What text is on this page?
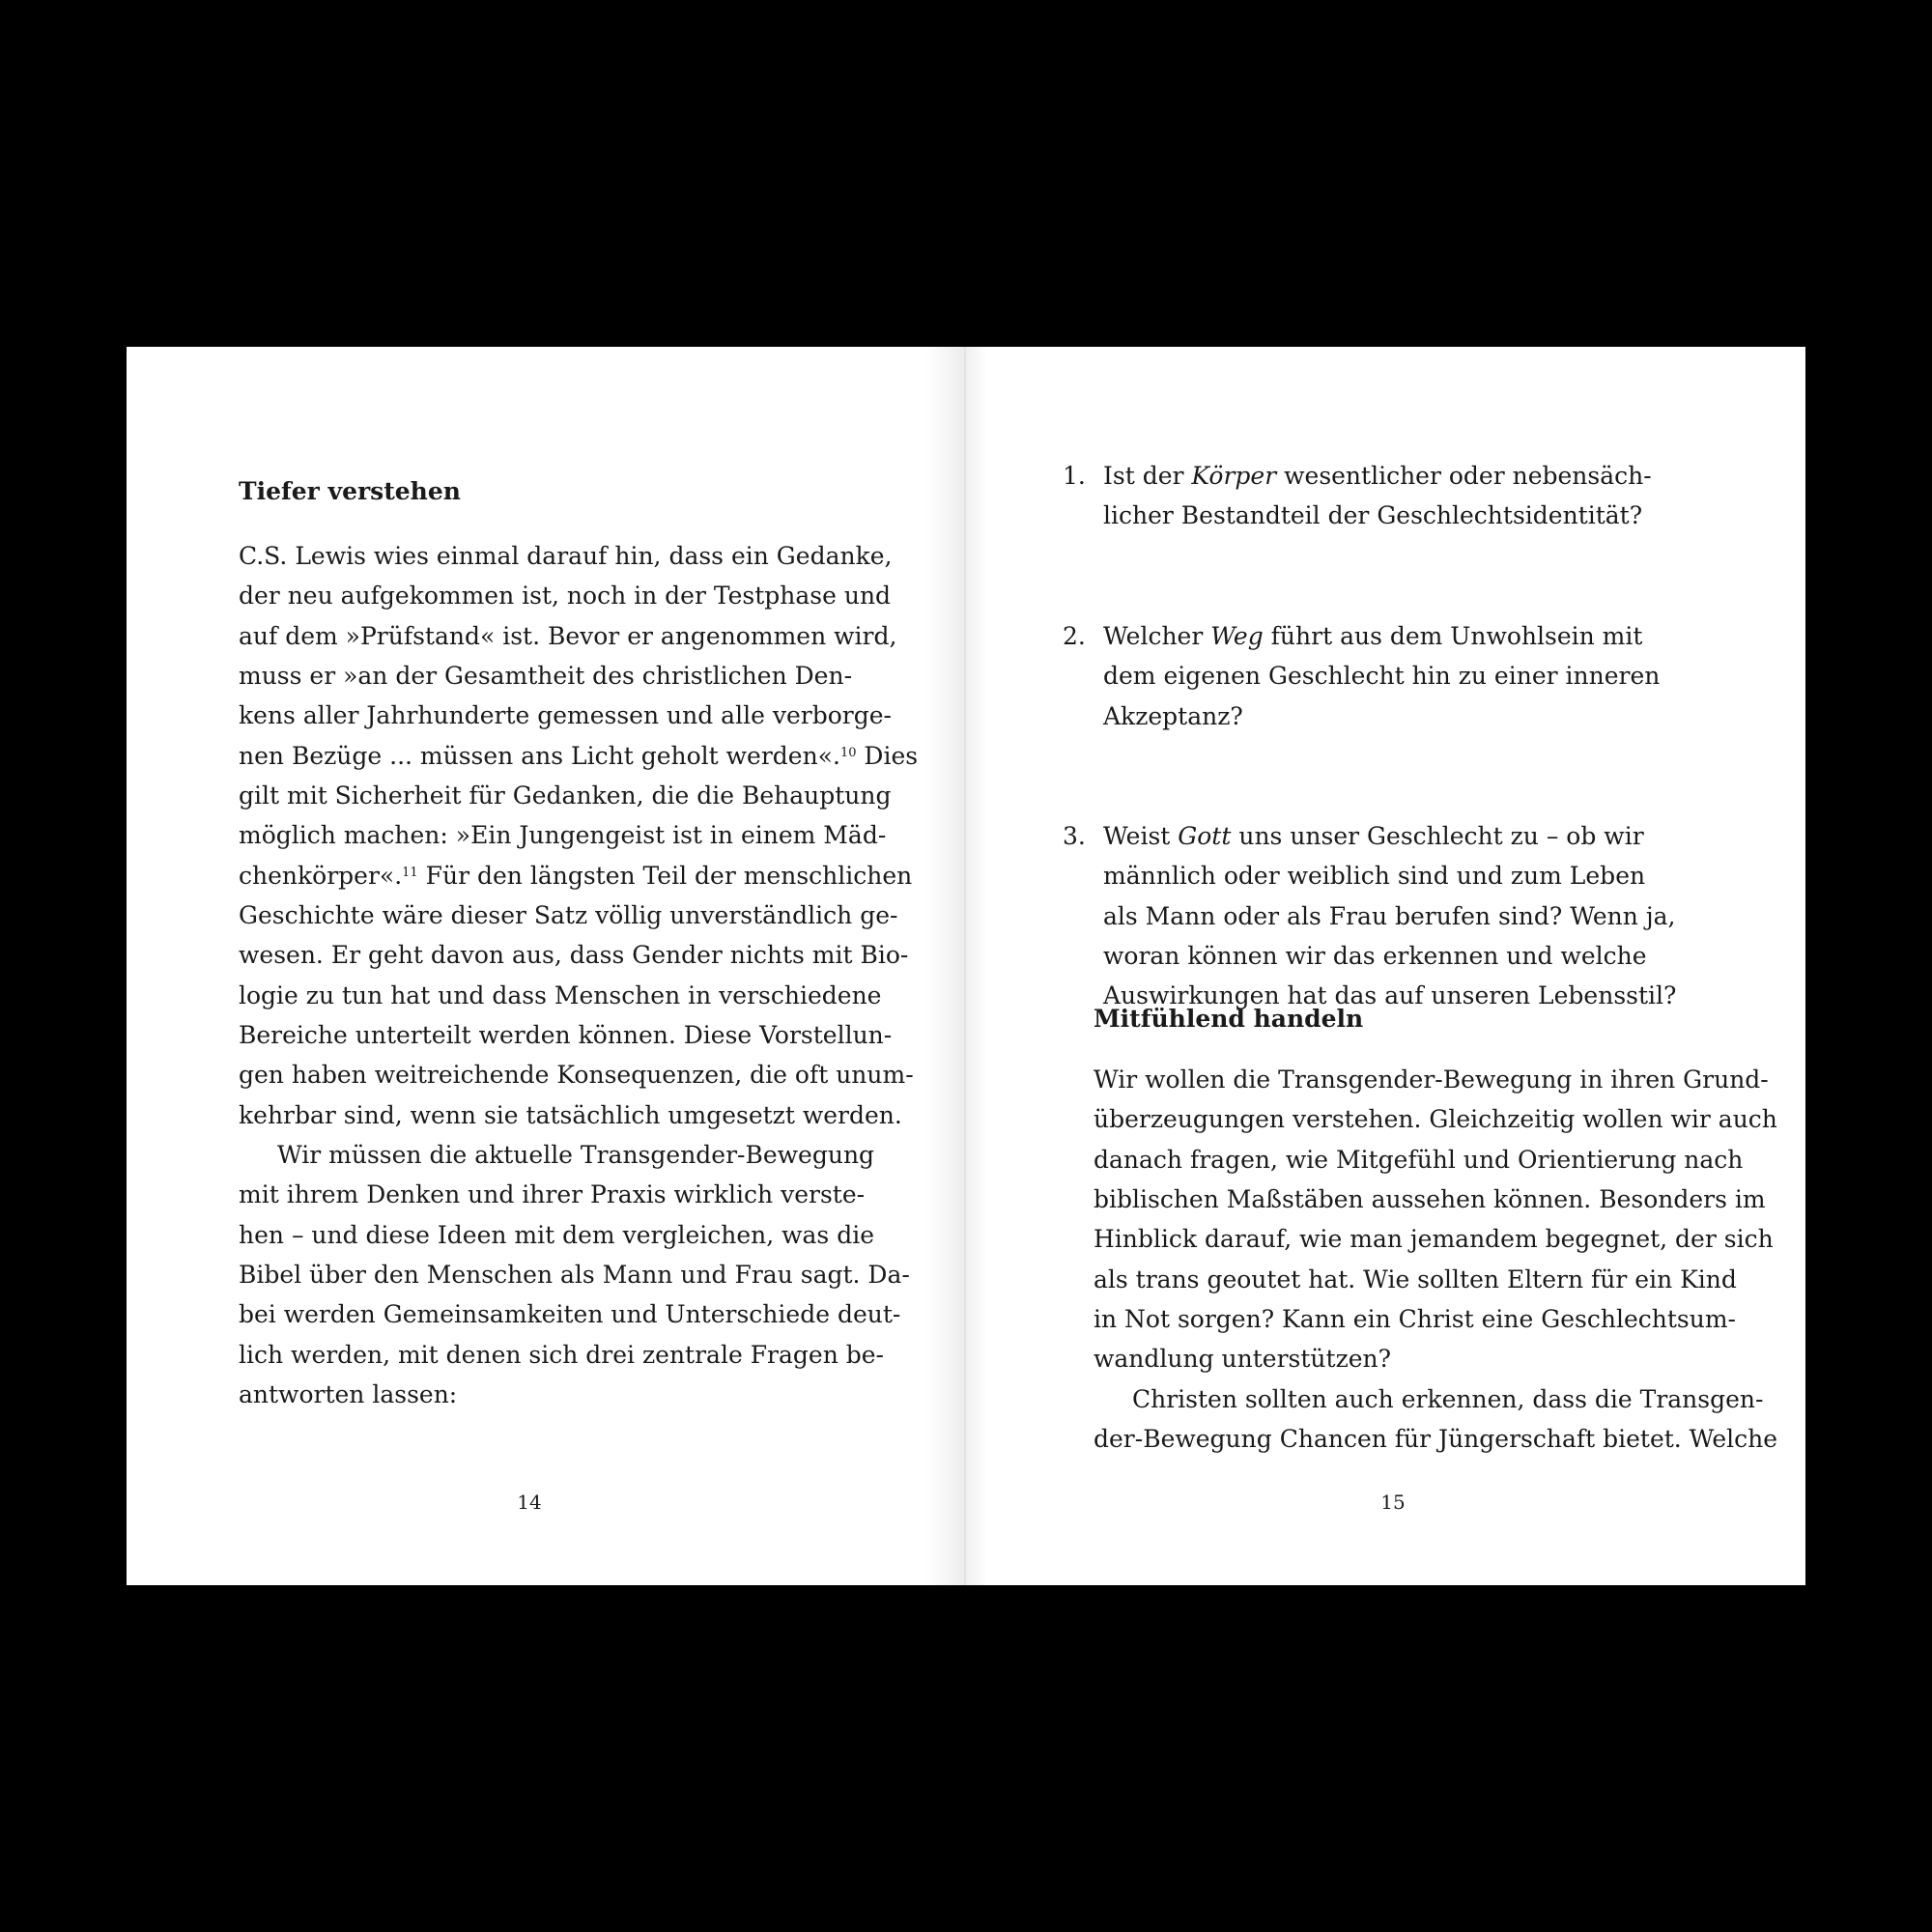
Tiefer verstehen
C.S. Lewis wies einmal darauf hin, dass ein Gedanke,
der neu aufgekommen ist, noch in der Testphase und
auf dem »Prüfstand« ist. Bevor er angenommen wird,
muss er »an der Gesamtheit des christlichen Den-
kens aller Jahrhunderte gemessen und alle verborge-
nen Bezüge ... müssen ans Licht geholt werden«.$^{10}$ Dies
gilt mit Sicherheit für Gedanken, die die Behauptung
möglich machen: »Ein Jungengeist ist in einem Mäd-
chenkörper«.$^{11}$ Für den längsten Teil der menschlichen
Geschichte wäre dieser Satz völlig unverständlich ge-
wesen. Er geht davon aus, dass Gender nichts mit Bio-
logie zu tun hat und dass Menschen in verschiedene
Bereiche unterteilt werden können. Diese Vorstellun-
gen haben weitreichende Konsequenzen, die oft unum-
kehrbar sind, wenn sie tatsächlich umgesetzt werden.
Wir müssen die aktuelle Transgender-Bewegung
mit ihrem Denken und ihrer Praxis wirklich verste-
hen – und diese Ideen mit dem vergleichen, was die
Bibel über den Menschen als Mann und Frau sagt. Da-
bei werden Gemeinsamkeiten und Unterschiede deut-
lich werden, mit denen sich drei zentrale Fragen be-
antworten lassen:
14
1. Ist der Körper wesentlicher oder nebensäch-
licher Bestandteil der Geschlechtsidentität?
2. Welcher Weg führt aus dem Unwohlsein mit
dem eigenen Geschlecht hin zu einer inneren
Akzeptanz?
3. Weist Gott uns unser Geschlecht zu – ob wir
männlich oder weiblich sind und zum Leben
als Mann oder als Frau berufen sind? Wenn ja,
woran können wir das erkennen und welche
Auswirkungen hat das auf unseren Lebensstil?
Mitfühlend handeln
Wir wollen die Transgender-Bewegung in ihren Grund-
überzeugungen verstehen. Gleichzeitig wollen wir auch
danach fragen, wie Mitgefühl und Orientierung nach
biblischen Maßstäben aussehen können. Besonders im
Hinblick darauf, wie man jemandem begegnet, der sich
als trans geoutet hat. Wie sollten Eltern für ein Kind
in Not sorgen? Kann ein Christ eine Geschlechtsum-
wandlung unterstützen?
Christen sollten auch erkennen, dass die Transgen-
der-Bewegung Chancen für Jüngerschaft bietet. Welche
15
